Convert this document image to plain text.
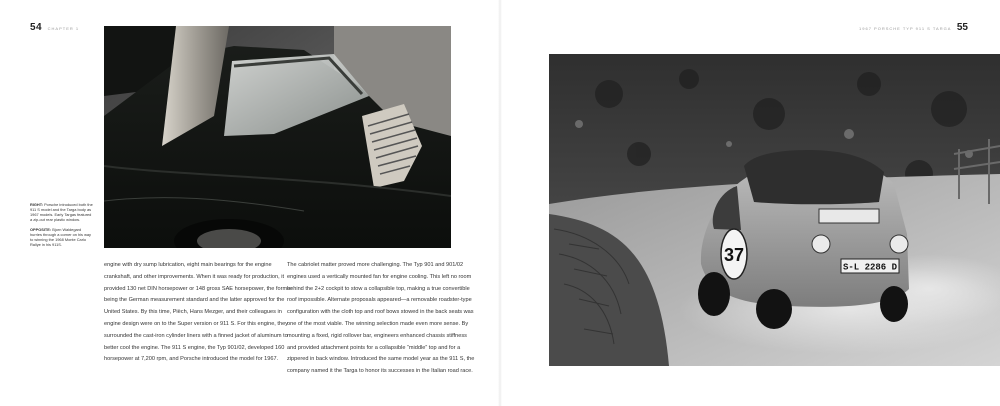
54 CHAPTER 1

RIGHT: Porsche introduced both the 911 S model and the Targa body as 1967 models. Early Targas featured a zip-out rear plastic window.

OPPOSITE: Bjorn Waldegard hurries through a corner on his way to winning the 1968 Monte Carlo Rallye in his 911S.

engine with dry sump lubrication, eight main bearings for the engine crankshaft, and other improvements. When it was ready for production, it provided 130 net DIN horsepower or 148 gross SAE horsepower, the former being the German measurement standard and the latter approved for the United States. By this time, Piëch, Hans Mezger, and their colleagues in engine design were on to the Super version or 911 S. For this engine, they surrounded the cast-iron cylinder liners with a finned jacket of aluminum to better cool the engine. The 911 S engine, the Typ 901/02, developed 160 horsepower at 7,200 rpm, and Porsche introduced the model for 1967.

The cabriolet matter proved more challenging. The Typ 901 and 901/02 engines used a vertically mounted fan for engine cooling. This left no room behind the 2+2 cockpit to stow a collapsible top, making a true convertible roof impossible. Alternate proposals appeared—a removable roadster-type configuration with the cloth top and roof bows stowed in the back seats was one of the most viable. The winning selection made even more sense. By mounting a fixed, rigid rollover bar, engineers enhanced chassis stiffness and provided attachment points for a collapsible “middle” top and for a zippered in back window. Introduced the same model year as the 911 S, the company named it the Targa to honor its successes in the Italian road race.

1967 PORSCHE TYP 911 S TARGA 55
37
S-L 2286 D
